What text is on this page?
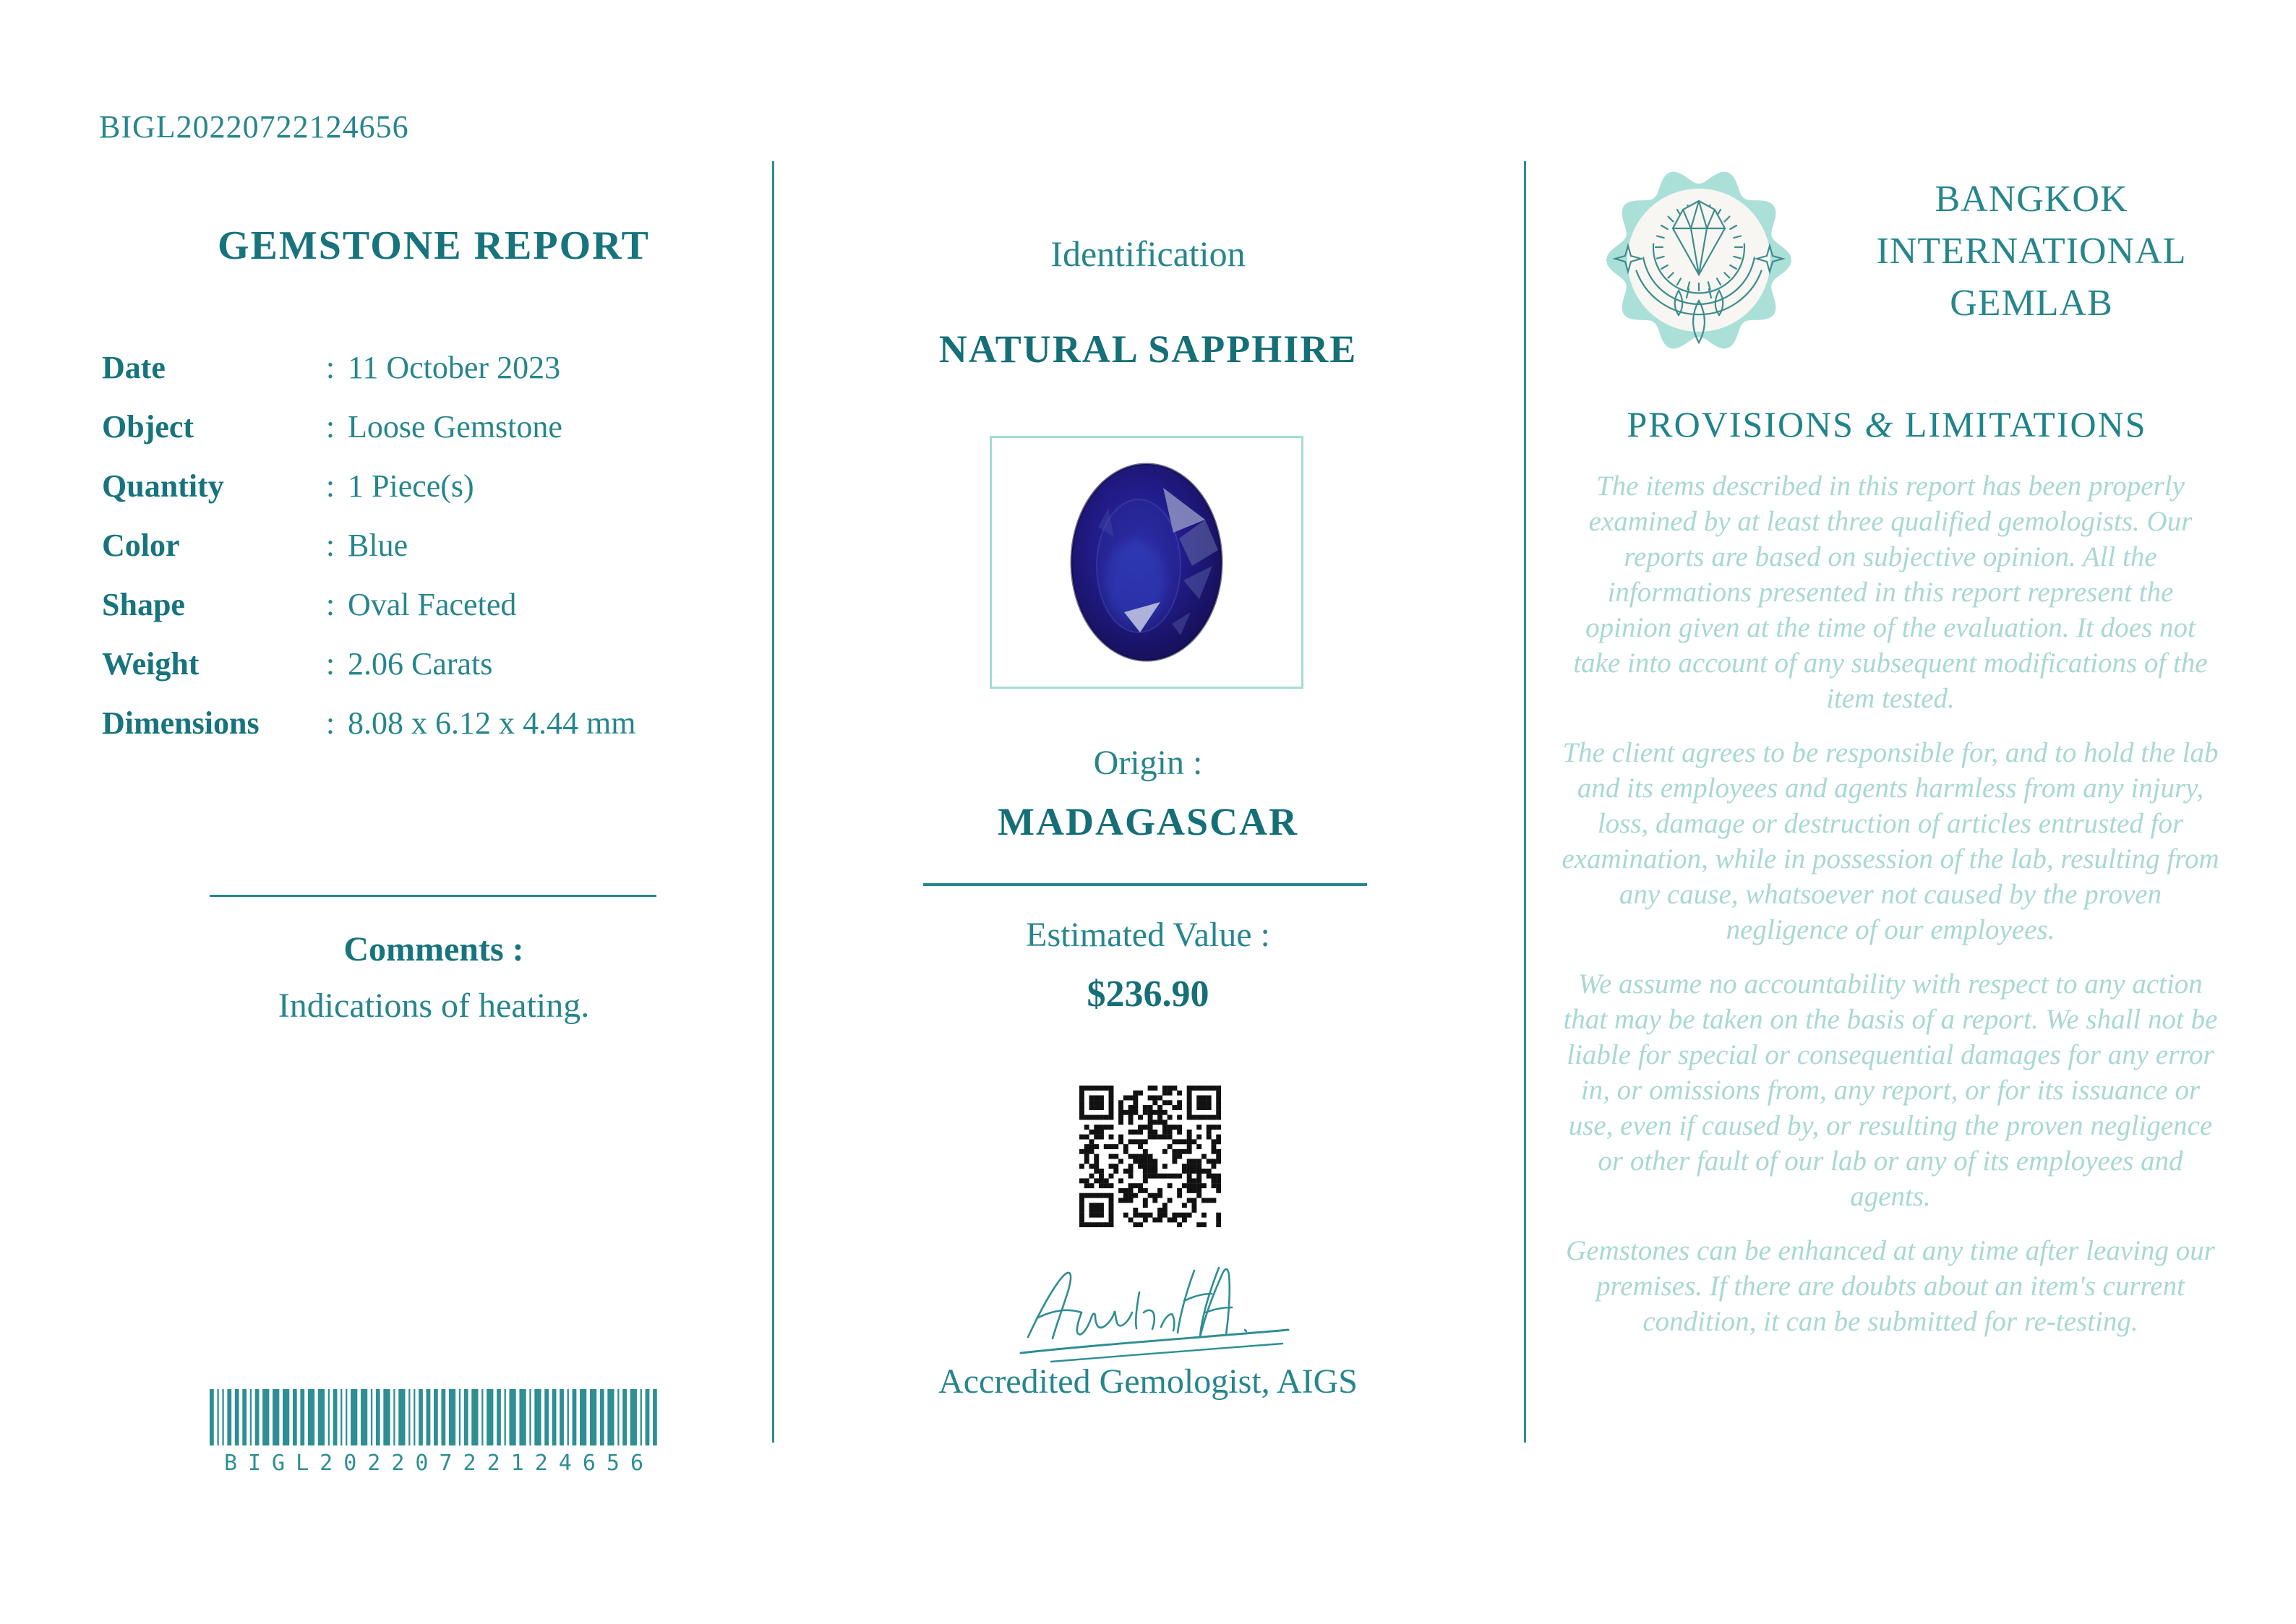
BIGL20220722124656
GEMSTONE REPORT
Date	: 11 October 2023
Object	: Loose Gemstone
Quantity	: 1 Piece(s)
Color	: Blue
Shape	: Oval Faceted
Weight	: 2.06 Carats
Dimensions	: 8.08 x 6.12 x 4.44 mm
Comments :
Indications of heating.
BIGL20220722124656
Identification
NATURAL SAPPHIRE
Origin :
MADAGASCAR
Estimated Value :
$236.90
Accredited Gemologist, AIGS
BANGKOK
INTERNATIONAL
GEMLAB
PROVISIONS & LIMITATIONS

The items described in this report has been properly examined by at least three qualified gemologists. Our reports are based on subjective opinion. All the informations presented in this report represent the opinion given at the time of the evaluation. It does not take into account of any subsequent modifications of the item tested.

The client agrees to be responsible for, and to hold the lab and its employees and agents harmless from any injury, loss, damage or destruction of articles entrusted for examination, while in possession of the lab, resulting from any cause, whatsoever not caused by the proven negligence of our employees.

We assume no accountability with respect to any action that may be taken on the basis of a report. We shall not be liable for special or consequential damages for any error in, or omissions from, any report, or for its issuance or use, even if caused by, or resulting the proven negligence or other fault of our lab or any of its employees and agents.

Gemstones can be enhanced at any time after leaving our premises. If there are doubts about an item's current condition, it can be submitted for re-testing.
